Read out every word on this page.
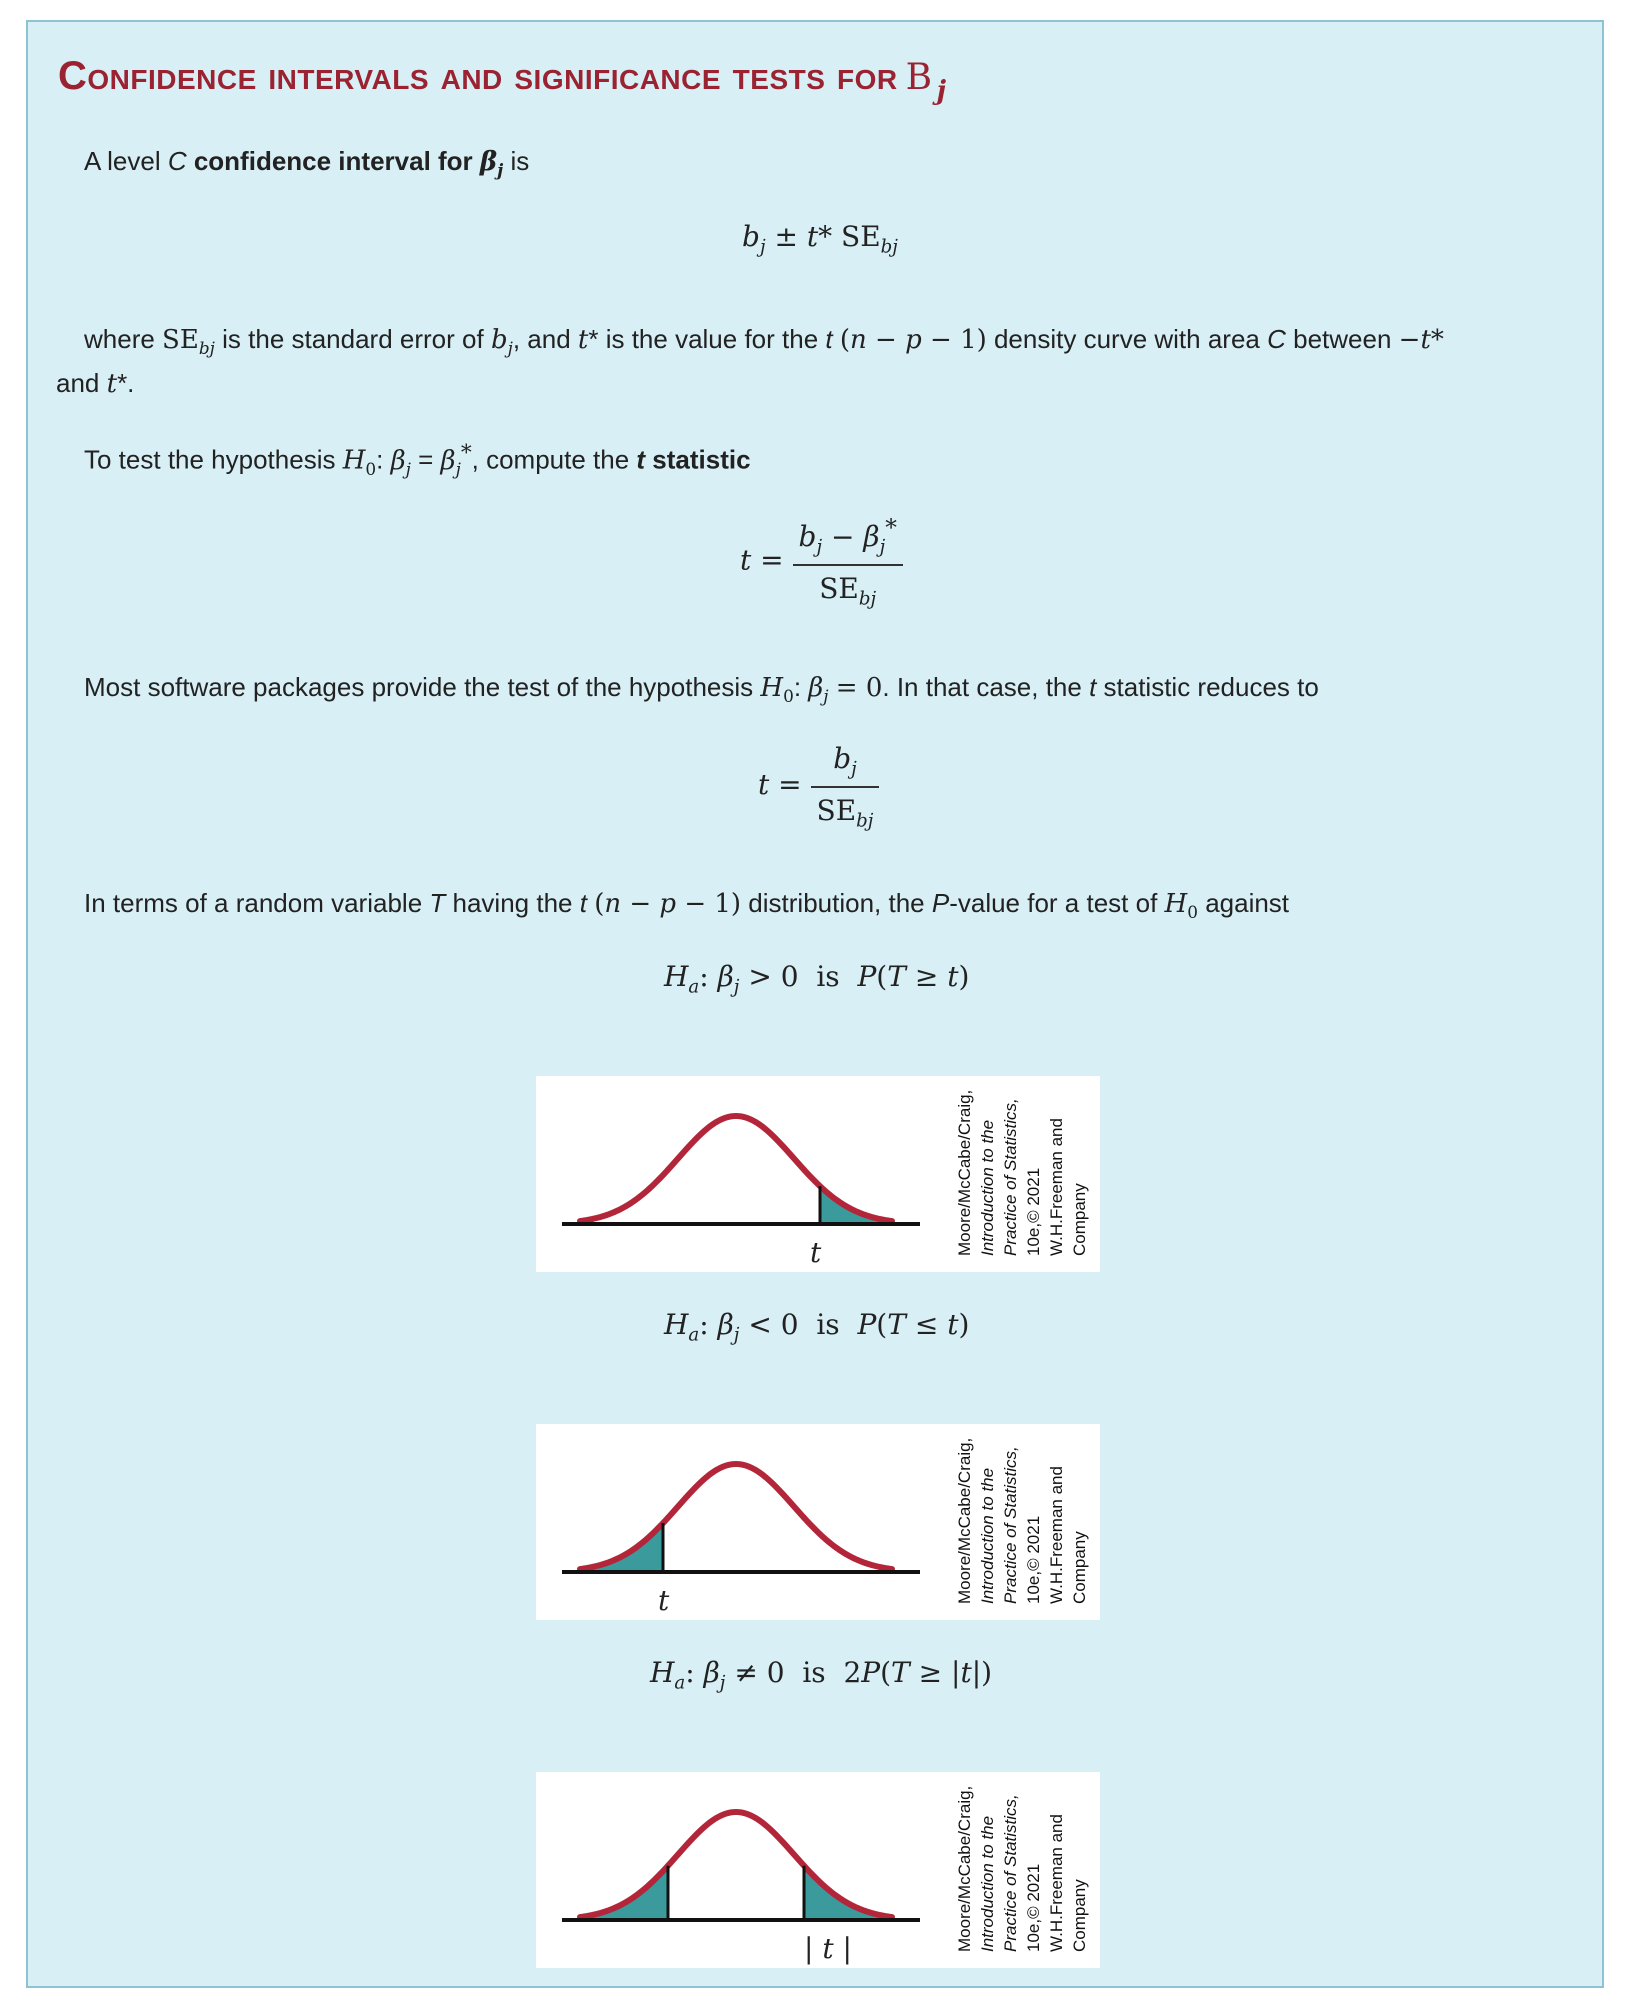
Confidence intervals and significance tests for Β $_j$
A level C confidence interval for $\beta_j$ is
$b_j \pm t*$ $SE_{bj}$
where $SE_{bj}$ is the standard error of $b_j$, and t* is the value for the t (n − p − 1) density curve with area C between −t*
and t*.
To test the hypothesis $H_0$: $\beta_j = \beta_j^*$, compute the t statistic
$t = \frac{b_j - \beta_j^*}{SE_{bj}}$
Most software packages provide the test of the hypothesis $H_0$: $\beta_j = 0$. In that case, the t statistic reduces to
$t = \frac{b_j}{SE_{bj}}$
In terms of a random variable T having the t (n − p − 1) distribution, the P-value for a test of $H_0$ against
$H_a$: $\beta_j > 0$  is  P(T ≥ t)
t	Moore/McCabe/Craig, Introduction to the Practice of Statistics, 10e,© 2021 W.H.Freeman and Company
$H_a$: $\beta_j < 0$  is  P(T ≤ t)
t	Moore/McCabe/Craig, Introduction to the Practice of Statistics, 10e,© 2021 W.H.Freeman and Company
$H_a$: $\beta_j \ne 0$  is  2P(T ≥ |t|)
| t |	Moore/McCabe/Craig, Introduction to the Practice of Statistics, 10e,© 2021 W.H.Freeman and Company
